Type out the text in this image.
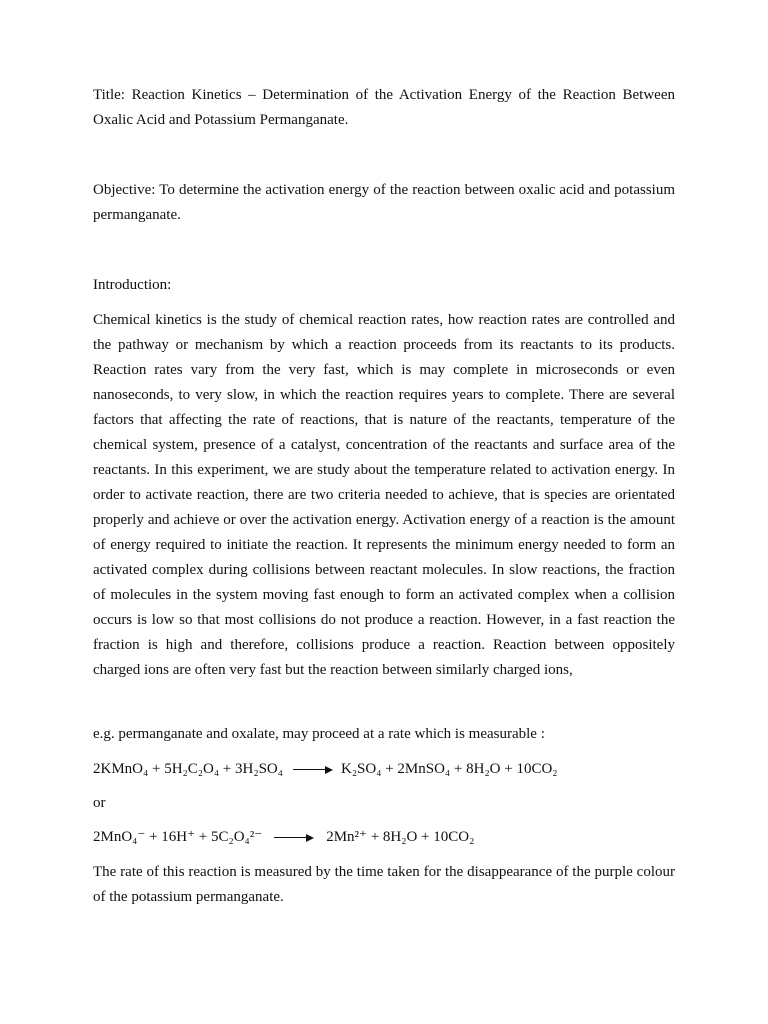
Title: Reaction Kinetics – Determination of the Activation Energy of the Reaction Between Oxalic Acid and Potassium Permanganate.

Objective: To determine the activation energy of the reaction between oxalic acid and potassium permanganate.

Introduction:

Chemical kinetics is the study of chemical reaction rates, how reaction rates are controlled and the pathway or mechanism by which a reaction proceeds from its reactants to its products. Reaction rates vary from the very fast, which is may complete in microseconds or even nanoseconds, to very slow, in which the reaction requires years to complete. There are several factors that affecting the rate of reactions, that is nature of the reactants, temperature of the chemical system, presence of a catalyst, concentration of the reactants and surface area of the reactants. In this experiment, we are study about the temperature related to activation energy. In order to activate reaction, there are two criteria needed to achieve, that is species are orientated properly and achieve or over the activation energy. Activation energy of a reaction is the amount of energy required to initiate the reaction. It represents the minimum energy needed to form an activated complex during collisions between reactant molecules. In slow reactions, the fraction of molecules in the system moving fast enough to form an activated complex when a collision occurs is low so that most collisions do not produce a reaction. However, in a fast reaction the fraction is high and therefore, collisions produce a reaction. Reaction between oppositely charged ions are often very fast but the reaction between similarly charged ions,

e.g. permanganate and oxalate, may proceed at a rate which is measurable :

2KMnO₄ + 5H₂C₂O₄ + 3H₂SO₄	K₂SO₄ + 2MnSO₄ + 8H₂O + 10CO₂

or

2MnO₄⁻ + 16H⁺ + 5C₂O₄²⁻	2Mn²⁺ + 8H₂O + 10CO₂

The rate of this reaction is measured by the time taken for the disappearance of the purple colour of the potassium permanganate.
